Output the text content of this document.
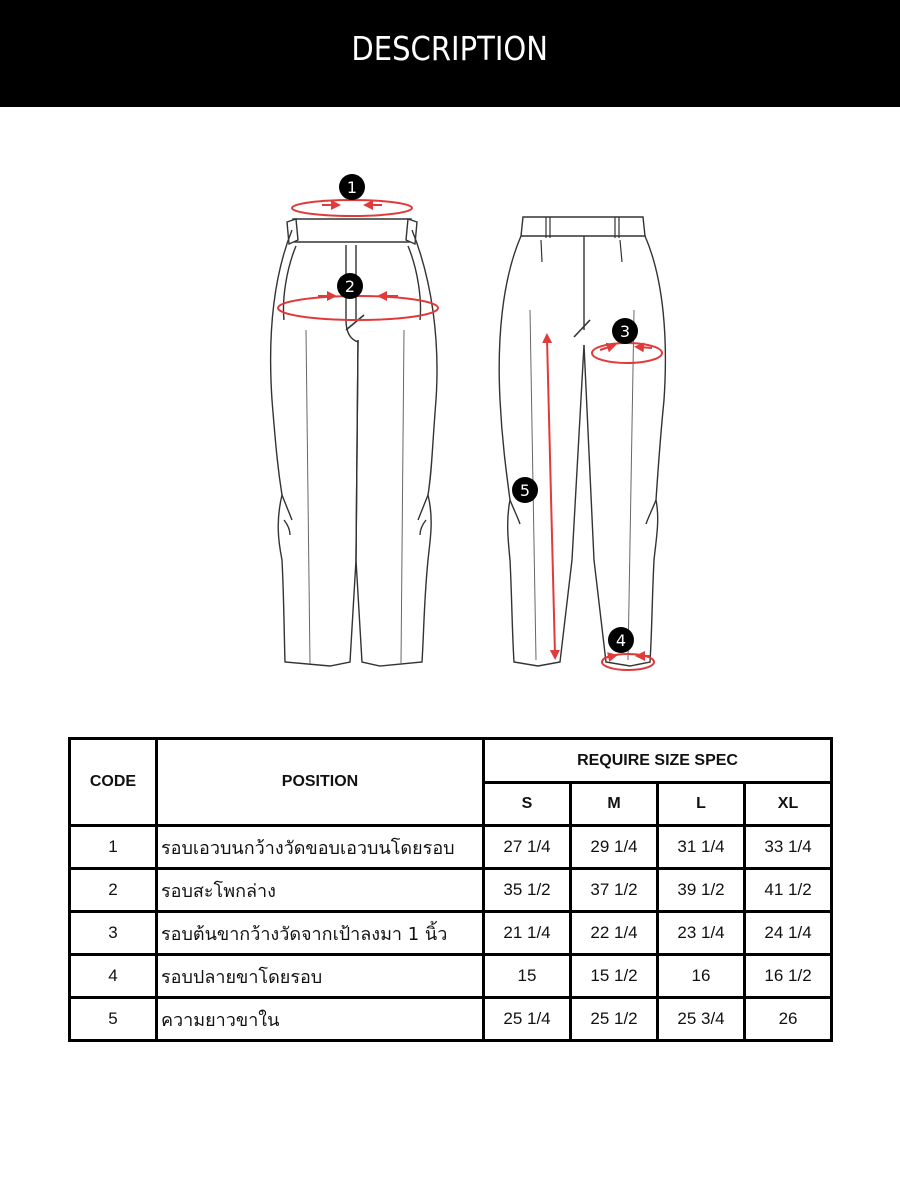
DESCRIPTION
1
2
3
4
5
CODE	POSITION	REQUIRE SIZE SPEC			
		S	M	L	XL
1	รอบเอวบนกว้างวัดขอบเอวบนโดยรอบ	27 1/4	29 1/4	31 1/4	33 1/4
2	รอบสะโพกล่าง	35 1/2	37 1/2	39 1/2	41 1/2
3	รอบต้นขากว้างวัดจากเป้าลงมา 1 นิ้ว	21 1/4	22 1/4	23 1/4	24 1/4
4	รอบปลายขาโดยรอบ	15	15 1/2	16	16 1/2
5	ความยาวขาใน	25 1/4	25 1/2	25 3/4	26
